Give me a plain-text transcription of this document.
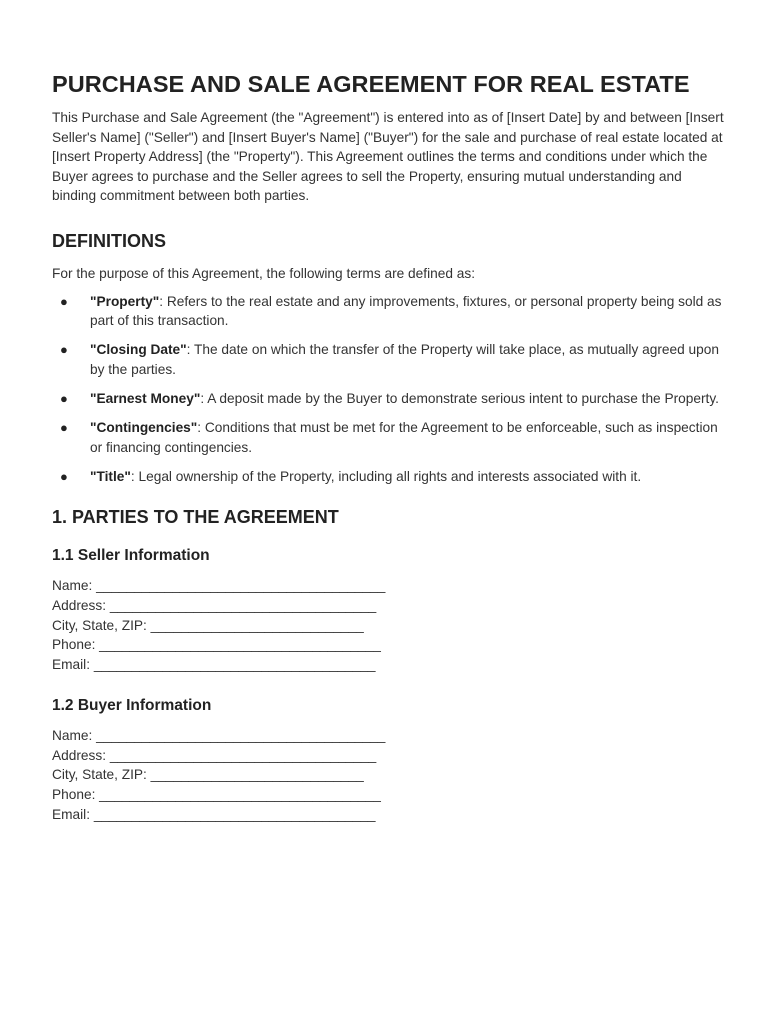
PURCHASE AND SALE AGREEMENT FOR REAL ESTATE

This Purchase and Sale Agreement (the "Agreement") is entered into as of [Insert Date] by and between [Insert Seller's Name] ("Seller") and [Insert Buyer's Name] ("Buyer") for the sale and purchase of real estate located at [Insert Property Address] (the "Property"). This Agreement outlines the terms and conditions under which the Buyer agrees to purchase and the Seller agrees to sell the Property, ensuring mutual understanding and binding commitment between both parties.

DEFINITIONS

For the purpose of this Agreement, the following terms are defined as:

● "Property": Refers to the real estate and any improvements, fixtures, or personal property being sold as part of this transaction.
● "Closing Date": The date on which the transfer of the Property will take place, as mutually agreed upon by the parties.
● "Earnest Money": A deposit made by the Buyer to demonstrate serious intent to purchase the Property.
● "Contingencies": Conditions that must be met for the Agreement to be enforceable, such as inspection or financing contingencies.
● "Title": Legal ownership of the Property, including all rights and interests associated with it.
1. PARTIES TO THE AGREEMENT
1.1 Seller Information
Name: ______________________________________
Address: ___________________________________
City, State, ZIP: ____________________________
Phone: _____________________________________
Email: _____________________________________
1.2 Buyer Information
Name: ______________________________________
Address: ___________________________________
City, State, ZIP: ____________________________
Phone: _____________________________________
Email: _____________________________________
